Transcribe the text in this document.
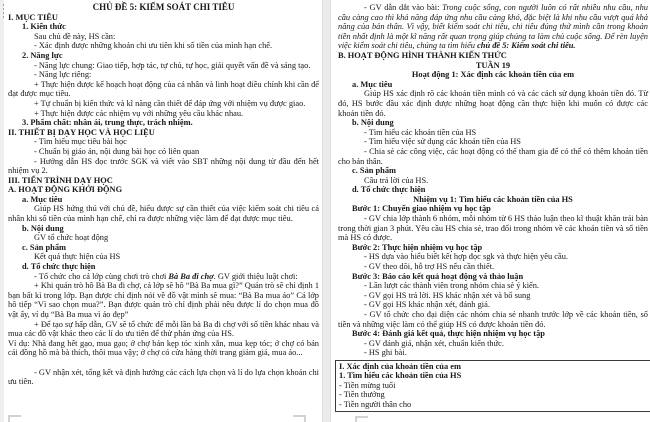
CHỦ ĐỀ 5: KIỂM SOÁT CHI TIÊU

I. MỤC TIÊU

1. Kiến thức

Sau chủ đề này, HS cần:

- Xác định được những khoản chi ưu tiên khi số tiền của mình hạn chế.

2. Năng lực

- Năng lực chung: Giao tiếp, hợp tác, tự chủ, tự học, giải quyết vấn đề và sáng tạo.

- Năng lực riêng:

+ Thực hiện được kế hoạch hoạt động của cá nhân và linh hoạt điều chỉnh khi cần để đạt được mục tiêu.

+ Tự chuẩn bị kiến thức và kĩ năng cần thiết để đáp ứng với nhiệm vụ được giao.

+ Thực hiện được các nhiệm vụ với những yêu cầu khác nhau.

3. Phẩm chất: nhân ái, trung thực, trách nhiệm.

II. THIẾT BỊ DẠY HỌC VÀ HỌC LIỆU

- Tìm hiểu mục tiêu bài học

- Chuẩn bị giáo án, nội dung bài học có liên quan

- Hướng dẫn HS đọc trước SGK và viết vào SBT những nội dung từ đầu đến hết nhiệm vụ 2.

III. TIẾN TRÌNH DẠY HỌC

A. HOẠT ĐỘNG KHỞI ĐỘNG

a. Mục tiêu

Giúp HS hứng thú với chủ đề, hiểu được sự cần thiết của việc kiểm soát chi tiêu cá nhân khi số tiền của mình hạn chế, chỉ ra được những việc làm để đạt được mục tiêu.

b. Nội dung

GV tổ chức hoạt động

c. Sản phẩm

Kết quả thực hiện của HS

d. Tổ chức thực hiện

- Tổ chức cho cả lớp cùng chơi trò chơi Bà Ba đi chợ. GV giới thiệu luật chơi:

+ Khi quản trò hô Bà Ba đi chợ, cả lớp sẽ hô “Bà Ba mua gì?” Quản trò sẽ chỉ định 1 bạn bất kì trong lớp. Bạn được chỉ định nói về đồ vật mình sẽ mua: “Bà Ba mua áo” Cả lớp hô tiếp “Vì sao chọn mua?”. Bạn được quản trò chỉ định phải nêu được lí do chọn mua đồ vật ấy, ví dụ “Bà Ba mua vì áo đẹp”

+ Để tạo sự hấp dẫn, GV sẽ tổ chức để mỗi lần bà Ba đi chợ với số tiền khác nhau và mua các đồ vật khác theo các lí do ưu tiên để thử phản ứng của HS.

Ví dụ: Nhà đang hết gạo, mua gạo; ở chợ bán kẹp tóc xinh xắn, mua kẹp tóc; ở chợ có bán cái đồng hồ mà bà thích, thôi mua vậy; ở chợ có cửa hàng thời trang giảm giá, mua áo...

- GV nhận xét, tổng kết và định hướng các cách lựa chọn và lí do lựa chọn khoản chi ưu tiên.

- GV dẫn dắt vào bài: Trong cuộc sống, con người luôn có rất nhiều nhu cầu, nhu cầu càng cao thì khả năng đáp ứng nhu cầu càng khó, đặc biệt là khi nhu cầu vượt quá khả năng của bản thân. Vì vậy, biết kiểm soát chi tiêu, chi tiêu đúng thứ mình cần trong khoản tiền nhất định là một kĩ năng rất quan trọng giúp chúng ta làm chủ cuộc sống. Để rèn luyện việc kiểm soát chi tiêu, chúng ta tìm hiểu chủ đề 5: Kiểm soát chi tiêu.

B. HOẠT ĐỘNG HÌNH THÀNH KIẾN THỨC

TUẦN 19

Hoạt động 1: Xác định các khoản tiền của em

a. Mục tiêu

Giúp HS xác định rõ các khoản tiền mình có và các cách sử dụng khoản tiền đó. Từ đó, HS bước đầu xác định được những hoạt động cần thực hiện khi muốn có được các khoản tiền đó.

b. Nội dung

- Tìm hiểu các khoản tiền của HS

- Tìm hiểu việc sử dụng các khoản tiền của HS

- Chia sẻ các công việc, các hoạt động có thể tham gia để có thể có thêm khoản tiền cho bản thân.

c. Sản phẩm

Câu trả lời của HS.

d. Tổ chức thực hiện

Nhiệm vụ 1: Tìm hiểu các khoản tiền của HS

Bước 1: Chuyển giao nhiệm vụ học tập

- GV chia lớp thành 6 nhóm, mỗi nhóm từ 6 HS thảo luận theo kĩ thuật khăn trải bàn trong thời gian 3 phút. Yêu cầu HS chia sẻ, trao đổi trong nhóm về các khoản tiền và số tiền mà HS có được.

Bước 2: Thực hiện nhiệm vụ học tập

- HS dựa vào hiểu biết kết hợp đọc sgk và thực hiện yêu cầu.

- GV theo dõi, hỗ trợ HS nếu cần thiết.

Bước 3: Báo cáo kết quả hoạt động và thảo luận

- Lần lượt các thành viên trong nhóm chia sẻ ý kiến.

- GV gọi HS trả lời. HS khác nhận xét và bổ sung

- GV gọi HS khác nhận xét, đánh giá.

- GV tổ chức cho đại diện các nhóm chia sẻ nhanh trước lớp về các khoản tiền, số tiền và những việc làm có thể giúp HS có được khoản tiền đó.

Bước 4: Đánh giá kết quả, thực hiện nhiệm vụ học tập

- GV đánh giá, nhận xét, chuẩn kiến thức.

- HS ghi bài.

I. Xác định của khoản tiền của em

1. Tìm hiểu các khoản tiền của HS

- Tiền mừng tuổi

- Tiền thưởng

- Tiền người thân cho
